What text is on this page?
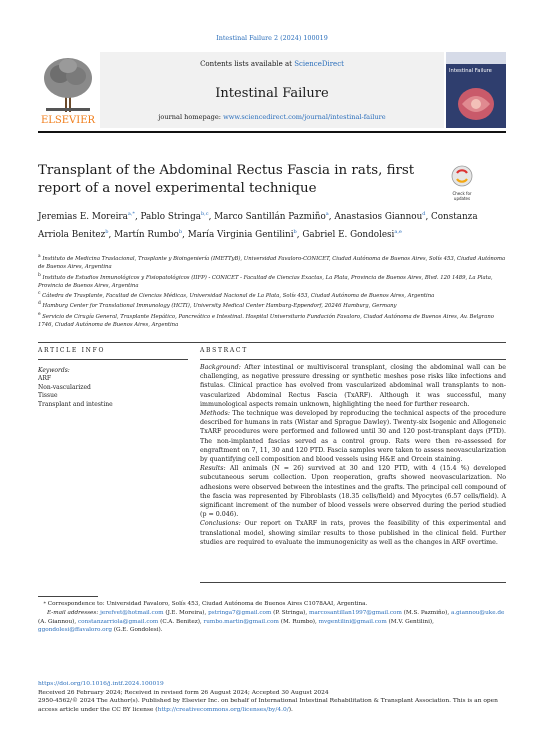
Intestinal Failure 2 (2024) 100019
ELSEVIER
Contents lists available at ScienceDirect
Intestinal Failure
journal homepage: www.sciencedirect.com/journal/intestinal-failure
Intestinal Failure
Transplant of the Abdominal Rectus Fascia in rats, first report of a novel experimental technique	Check for updates
Jeremias E. Moreira$^{a,*}$, Pablo Stringa$^{b,c}$, Marco Santillán Pazmiño$^a$, Anastasios Giannou$^d$, Constanza Arriola Benitez$^b$, Martín Rumbo$^b$, María Virginia Gentilini$^b$, Gabriel E. Gondolesi$^{a,e}$

$^a$ Instituto de Medicina Traslacional, Trasplante y Bioingeniería (IMETTyB), Universidad Favaloro-CONICET, Ciudad Autónoma de Buenos Aires, Solís 453, Ciudad Autónoma de Buenos Aires, Argentina

$^b$ Instituto de Estudios Inmunológicos y Fisiopatológicos (IIFP) - CONICET - Facultad de Ciencias Exactas, La Plata, Provincia de Buenos Aires, Blvd. 120 1489, La Plata, Provincia de Buenos Aires, Argentina

$^c$ Cátedra de Trasplante, Facultad de Ciencias Médicas, Universidad Nacional de La Plata, Solís 453, Ciudad Autónoma de Buenos Aires, Argentina

$^d$ Hamburg Center for Translational Immunology (HCTI), University Medical Center Hamburg-Eppendorf, 20246 Hamburg, Germany

$^e$ Servicio de Cirugía General, Trasplante Hepático, Pancreático e Intestinal. Hospital Universitario Fundación Favaloro, Ciudad Autónoma de Buenos Aires, Av. Belgrano 1746, Ciudad Autónoma de Buenos Aires, Argentina

ARTICLE INFO	ABSTRACT
Keywords:
ARF
Non-vascularized
Tissue
Transplant and intestine

Background: After intestinal or multivisceral transplant, closing the abdominal wall can be challenging, as negative pressure dressing or synthetic meshes pose risks like infections and fistulas. Clinical practice has evolved from vascularized abdominal wall transplants to non-vascularized Abdominal Rectus Fascia (TxARF). Although it was successful, many immunological aspects remain unknown, highlighting the need for further research.

Methods: The technique was developed by reproducing the technical aspects of the procedure described for humans in rats (Wistar and Sprague Dawley). Twenty-six Isogenic and Allogeneic TxARF procedures were performed and followed until 30 and 120 post-transplant days (PTD). The non-implanted fascias served as a control group. Rats were then re-assessed for engraftment on 7, 11, 30 and 120 PTD. Fascia samples were taken to assess neovascularization by quantifying cell composition and blood vessels using H&E and Orcein staining.

Results: All animals (N = 26) survived at 30 and 120 PTD, with 4 (15.4 %) developed subcutaneous serum collection. Upon reoperation, grafts showed neovascularization. No adhesions were observed between the intestines and the grafts. The principal cell compound of the fascia was represented by Fibroblasts (18.35 cells/field) and Myocytes (6.57 cells/field). A significant increment of the number of blood vessels were observed during the period studied (p = 0.046).

Conclusions: Our report on TxARF in rats, proves the feasibility of this experimental and translational model, showing similar results to those published in the clinical field. Further studies are required to evaluate the immunogenicity as well as the changes in ARF overtime.

* Correspondence to: Universidad Favaloro, Solís 453, Ciudad Autónoma de Buenos Aires C1078AAI, Argentina.

E-mail addresses: jerefvet@hotmail.com (J.E. Moreira), pstringa7@gmail.com (P. Stringa), marcosantillan1997@gmail.com (M.S. Pazmiño), a.giannou@uke.de (A. Giannou), constanzarriola@gmail.com (C.A. Benitez), rumbo.martin@gmail.com (M. Rumbo), mvgentilini@gmail.com (M.V. Gentilini), ggondolesi@ffavaloro.org (G.E. Gondolesi).

https://doi.org/10.1016/j.intf.2024.100019

Received 26 February 2024; Received in revised form 26 August 2024; Accepted 30 August 2024

2950-4562/© 2024 The Author(s). Published by Elsevier Inc. on behalf of International Intestinal Rehabilitation & Transplant Association. This is an open access article under the CC BY license (http://creativecommons.org/licenses/by/4.0/).
